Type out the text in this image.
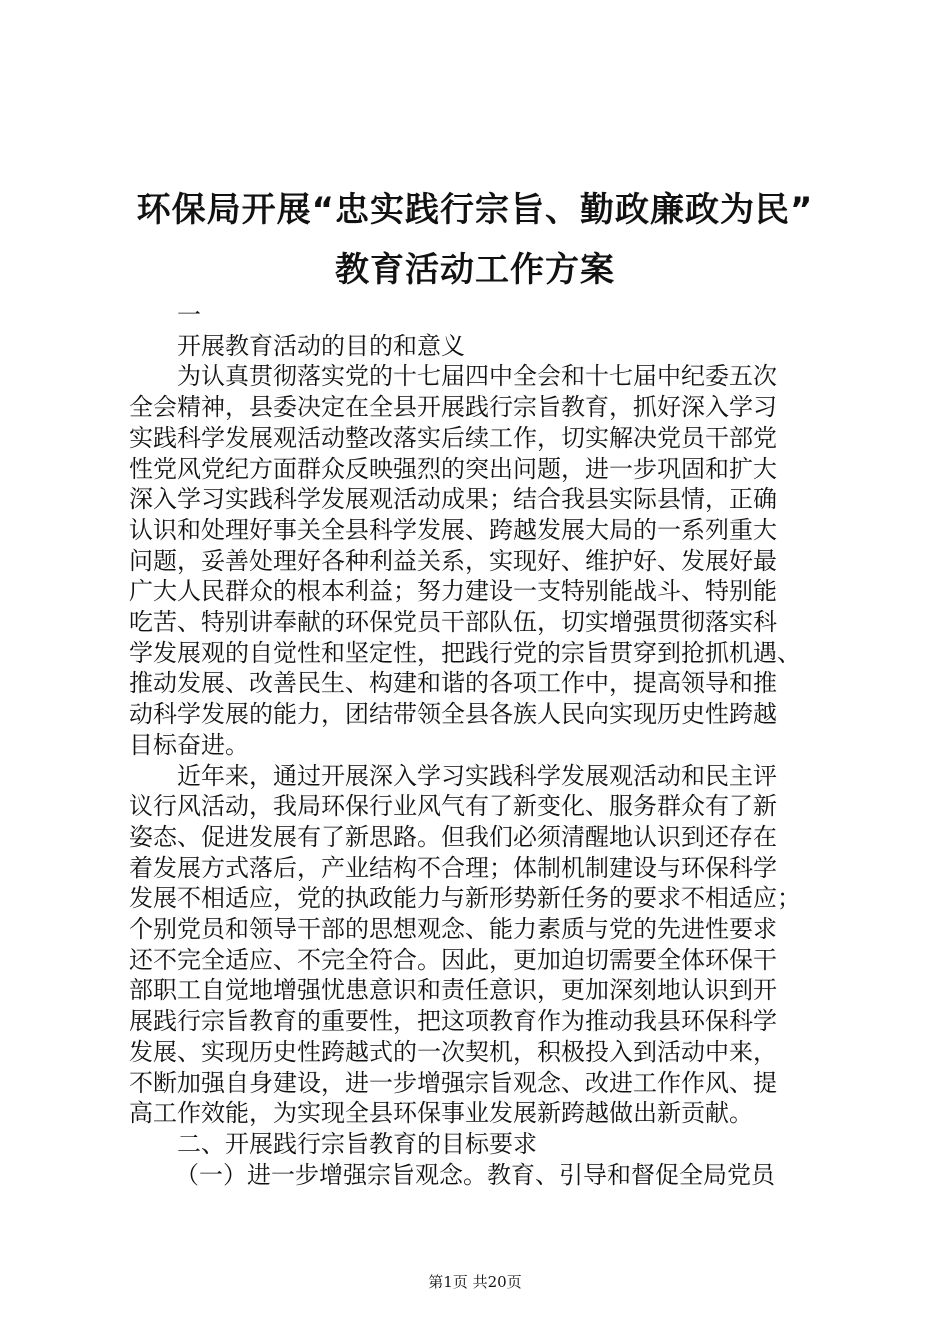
环保局开展“忠实践行宗旨、勤政廉政为民”
教育活动工作方案

一

开展教育活动的目的和意义

为认真贯彻落实党的十七届四中全会和十七届中纪委五次

全会精神，县委决定在全县开展践行宗旨教育，抓好深入学习

实践科学发展观活动整改落实后续工作，切实解决党员干部党

性党风党纪方面群众反映强烈的突出问题，进一步巩固和扩大

深入学习实践科学发展观活动成果；结合我县实际县情，正确

认识和处理好事关全县科学发展、跨越发展大局的一系列重大

问题，妥善处理好各种利益关系，实现好、维护好、发展好最

广大人民群众的根本利益；努力建设一支特别能战斗、特别能

吃苦、特别讲奉献的环保党员干部队伍，切实增强贯彻落实科

学发展观的自觉性和坚定性，把践行党的宗旨贯穿到抢抓机遇、

推动发展、改善民生、构建和谐的各项工作中，提高领导和推

动科学发展的能力，团结带领全县各族人民向实现历史性跨越

目标奋进。

近年来，通过开展深入学习实践科学发展观活动和民主评

议行风活动，我局环保行业风气有了新变化、服务群众有了新

姿态、促进发展有了新思路。但我们必须清醒地认识到还存在

着发展方式落后，产业结构不合理；体制机制建设与环保科学

发展不相适应，党的执政能力与新形势新任务的要求不相适应；

个别党员和领导干部的思想观念、能力素质与党的先进性要求

还不完全适应、不完全符合。因此，更加迫切需要全体环保干

部职工自觉地增强忧患意识和责任意识，更加深刻地认识到开

展践行宗旨教育的重要性，把这项教育作为推动我县环保科学

发展、实现历史性跨越式的一次契机，积极投入到活动中来，

不断加强自身建设，进一步增强宗旨观念、改进工作作风、提

高工作效能，为实现全县环保事业发展新跨越做出新贡献。

二、开展践行宗旨教育的目标要求

（一）进一步增强宗旨观念。教育、引导和督促全局党员

第1页 共20页
